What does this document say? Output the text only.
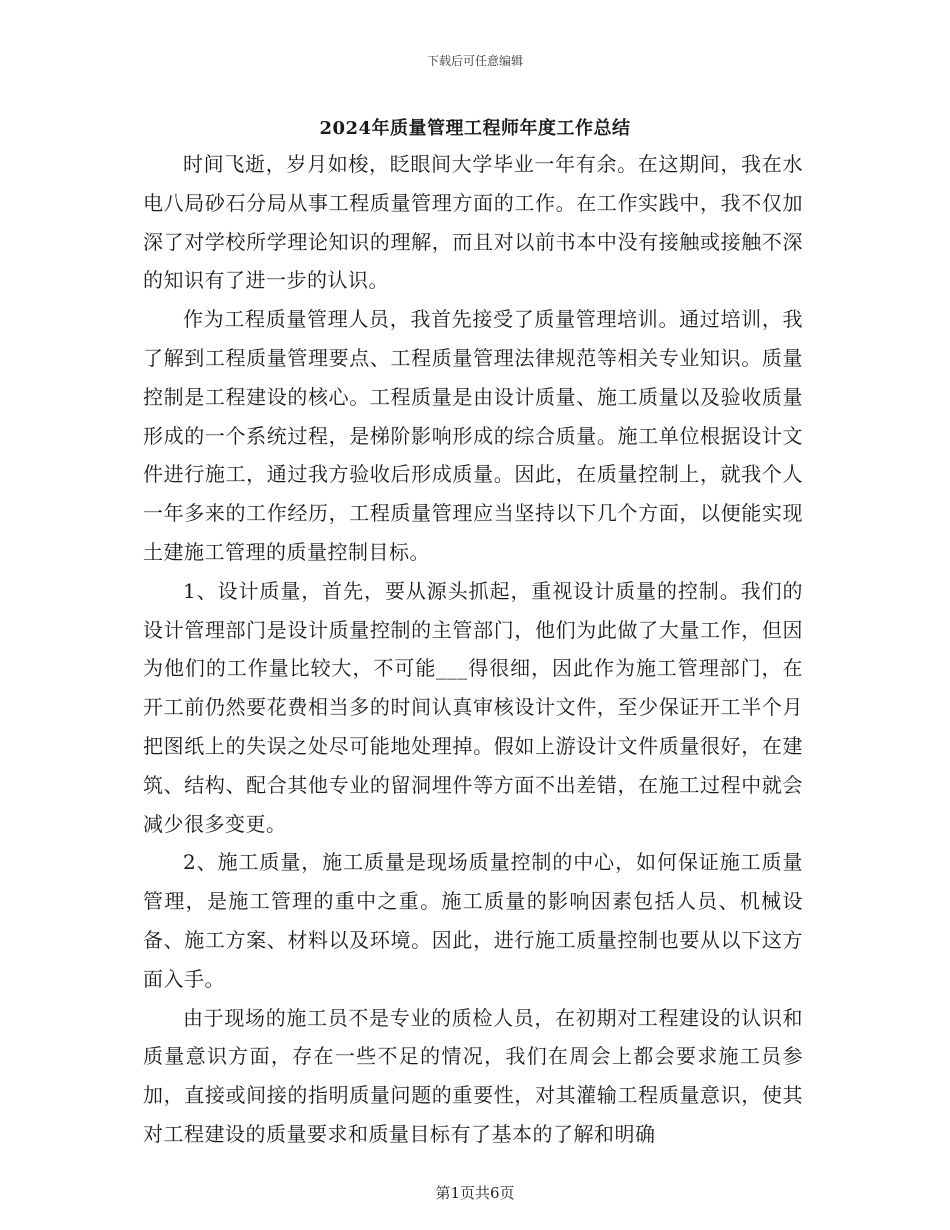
下载后可任意编辑
2024年质量管理工程师年度工作总结

时间飞逝，岁月如梭，眨眼间大学毕业一年有余。在这期间，我在水电八局砂石分局从事工程质量管理方面的工作。在工作实践中，我不仅加深了对学校所学理论知识的理解，而且对以前书本中没有接触或接触不深的知识有了进一步的认识。

作为工程质量管理人员，我首先接受了质量管理培训。通过培训，我了解到工程质量管理要点、工程质量管理法律规范等相关专业知识。质量控制是工程建设的核心。工程质量是由设计质量、施工质量以及验收质量形成的一个系统过程，是梯阶影响形成的综合质量。施工单位根据设计文件进行施工，通过我方验收后形成质量。因此，在质量控制上，就我个人一年多来的工作经历，工程质量管理应当坚持以下几个方面，以便能实现土建施工管理的质量控制目标。

1、设计质量，首先，要从源头抓起，重视设计质量的控制。我们的设计管理部门是设计质量控制的主管部门，他们为此做了大量工作，但因为他们的工作量比较大，不可能___得很细，因此作为施工管理部门，在开工前仍然要花费相当多的时间认真审核设计文件，至少保证开工半个月把图纸上的失误之处尽可能地处理掉。假如上游设计文件质量很好，在建筑、结构、配合其他专业的留洞埋件等方面不出差错，在施工过程中就会减少很多变更。

2、施工质量，施工质量是现场质量控制的中心，如何保证施工质量管理，是施工管理的重中之重。施工质量的影响因素包括人员、机械设备、施工方案、材料以及环境。因此，进行施工质量控制也要从以下这方面入手。

由于现场的施工员不是专业的质检人员，在初期对工程建设的认识和质量意识方面，存在一些不足的情况，我们在周会上都会要求施工员参加，直接或间接的指明质量问题的重要性，对其灌输工程质量意识，使其对工程建设的质量要求和质量目标有了基本的了解和明确

第1页共6页
